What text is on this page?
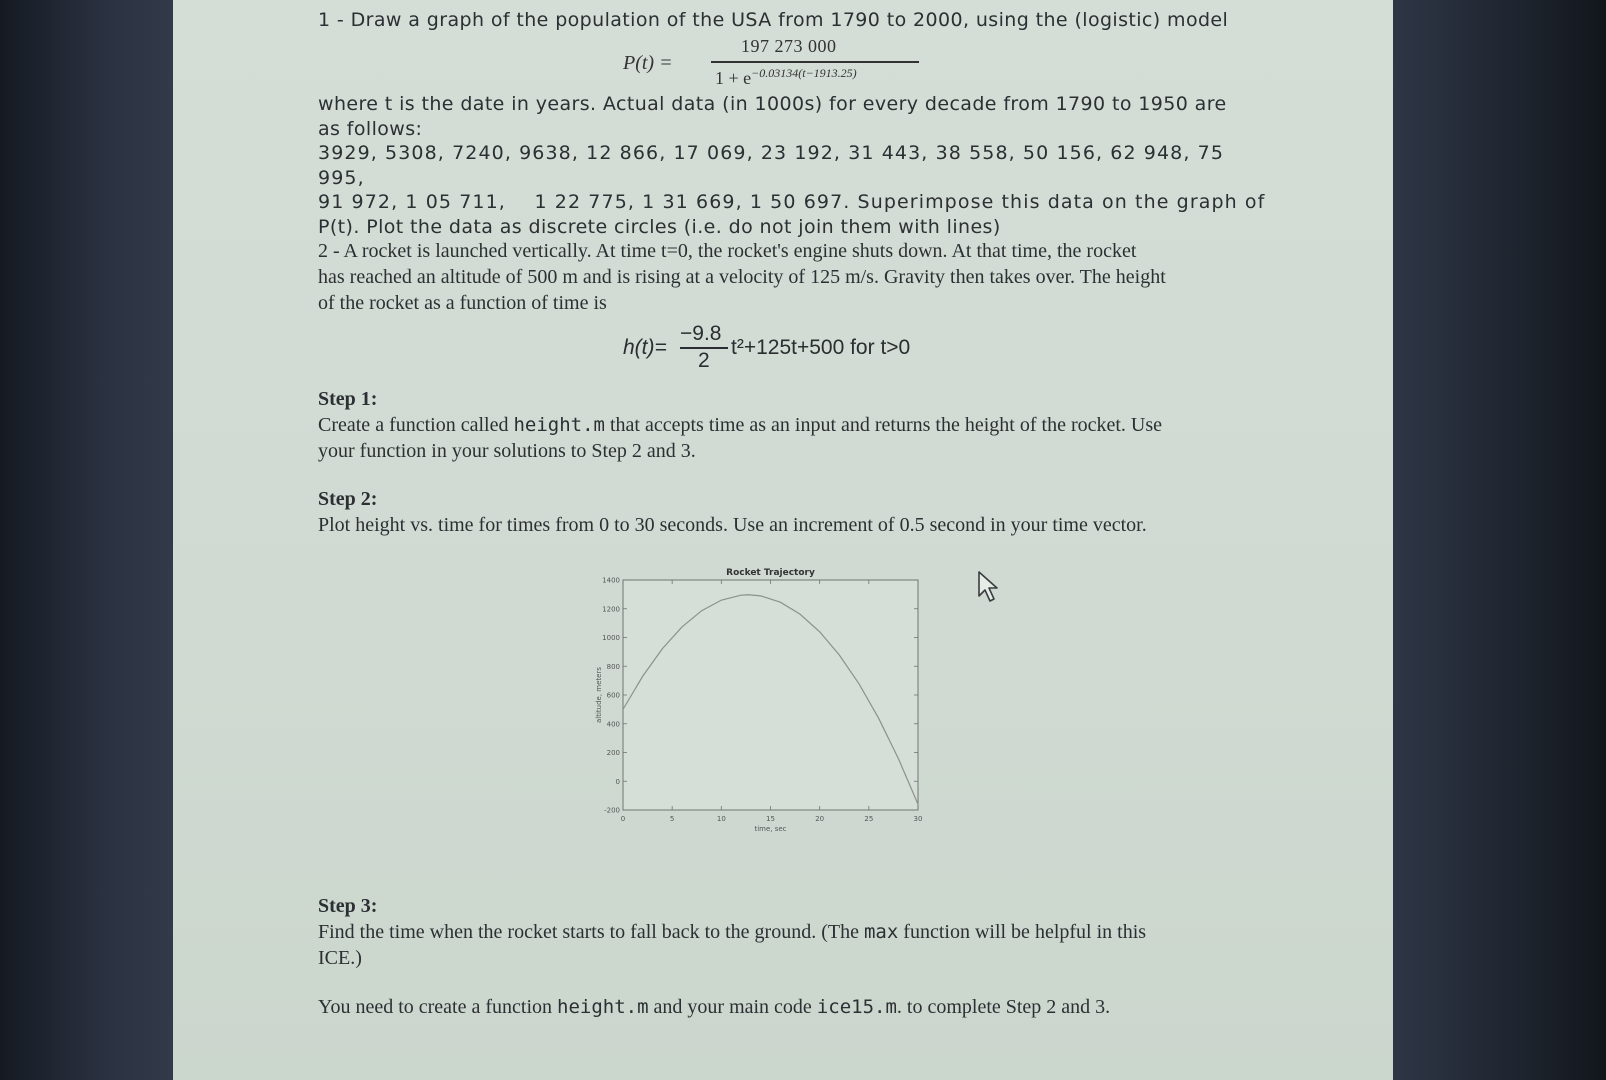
1 - Draw a graph of the population of the USA from 1790 to 2000, using the (logistic) model
P(t) =
197 273 000
$1 + e^{-0.03134(t-1913.25)}$

where t is the date in years. Actual data (in 1000s) for every decade from 1790 to 1950 are

as follows:

3929, 5308, 7240, 9638, 12 866, 17 069, 23 192, 31 443, 38 558, 50 156, 62 948, 75 995,

91 972, 1 05 711,    1 22 775, 1 31 669, 1 50 697. Superimpose this data on the graph of

P(t). Plot the data as discrete circles (i.e. do not join them with lines)

2 - A rocket is launched vertically. At time t=0, the rocket's engine shuts down. At that time, the rocket
has reached an altitude of 500 m and is rising at a velocity of 125 m/s. Gravity then takes over. The height
of the rocket as a function of time is
h(t)=
−9.8
2
t²+125t+500 for t>0

Step 1:

Create a function called height.m that accepts time as an input and returns the height of the rocket. Use

your function in your solutions to Step 2 and 3.

Step 2:

Plot height vs. time for times from 0 to 30 seconds. Use an increment of 0.5 second in your time vector.

1400
1200
1000
800
600
400
200
0
-200
0	5	10	15	20	25	30
Rocket Trajectory
time, sec
altitude, meters

Step 3:

Find the time when the rocket starts to fall back to the ground. (The max function will be helpful in this

ICE.)

You need to create a function height.m and your main code ice15.m. to complete Step 2 and 3.
